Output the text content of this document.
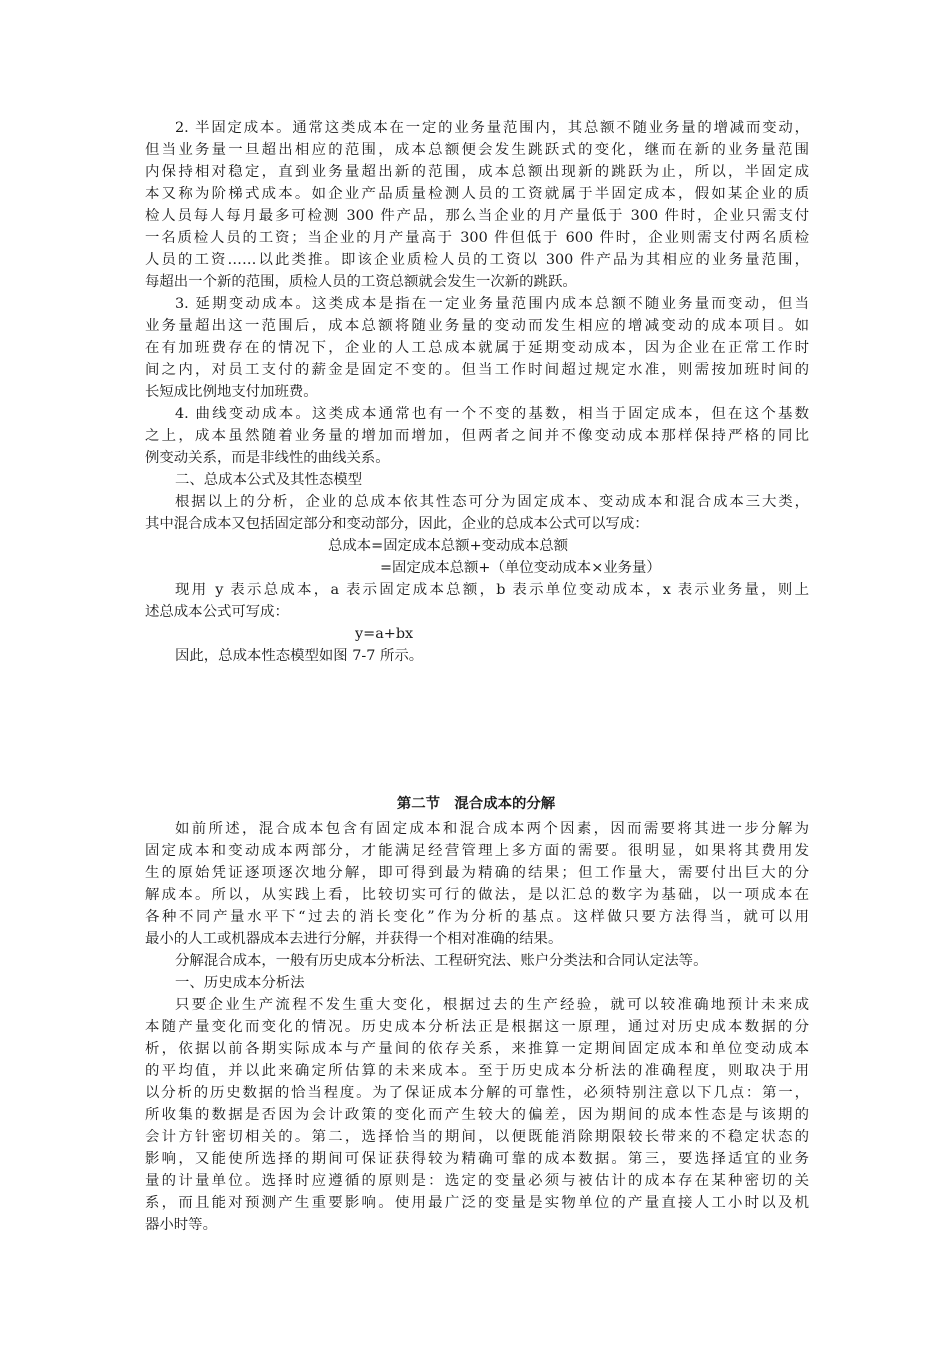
第二节　混合成本的分解
2. 半固定成本。通常这类成本在一定的业务量范围内，其总额不随业务量的增减而变动，
但当业务量一旦超出相应的范围，成本总额便会发生跳跃式的变化，继而在新的业务量范围
内保持相对稳定，直到业务量超出新的范围，成本总额出现新的跳跃为止，所以，半固定成
本又称为阶梯式成本。如企业产品质量检测人员的工资就属于半固定成本，假如某企业的质
检人员每人每月最多可检测 300 件产品，那么当企业的月产量低于 300 件时，企业只需支付
一名质检人员的工资；当企业的月产量高于 300 件但低于 600 件时，企业则需支付两名质检
人员的工资……以此类推。即该企业质检人员的工资以 300 件产品为其相应的业务量范围，
每超出一个新的范围，质检人员的工资总额就会发生一次新的跳跃。
3. 延期变动成本。这类成本是指在一定业务量范围内成本总额不随业务量而变动，但当
业务量超出这一范围后，成本总额将随业务量的变动而发生相应的增减变动的成本项目。如
在有加班费存在的情况下，企业的人工总成本就属于延期变动成本，因为企业在正常工作时
间之内，对员工支付的薪金是固定不变的。但当工作时间超过规定水准，则需按加班时间的
长短成比例地支付加班费。
4. 曲线变动成本。这类成本通常也有一个不变的基数，相当于固定成本，但在这个基数
之上，成本虽然随着业务量的增加而增加，但两者之间并不像变动成本那样保持严格的同比
例变动关系，而是非线性的曲线关系。
二、总成本公式及其性态模型
根据以上的分析，企业的总成本依其性态可分为固定成本、变动成本和混合成本三大类，
其中混合成本又包括固定部分和变动部分，因此，企业的总成本公式可以写成：
总成本=固定成本总额+变动成本总额
=固定成本总额+（单位变动成本×业务量）
现用 y 表示总成本，a 表示固定成本总额，b 表示单位变动成本，x 表示业务量，则上
述总成本公式可写成：
y=a+bx
因此，总成本性态模型如图 7-7 所示。
如前所述，混合成本包含有固定成本和混合成本两个因素，因而需要将其进一步分解为
固定成本和变动成本两部分，才能满足经营管理上多方面的需要。很明显，如果将其费用发
生的原始凭证逐项逐次地分解，即可得到最为精确的结果；但工作量大，需要付出巨大的分
解成本。所以，从实践上看，比较切实可行的做法，是以汇总的数字为基础，以一项成本在
各种不同产量水平下“过去的消长变化”作为分析的基点。这样做只要方法得当，就可以用
最小的人工或机器成本去进行分解，并获得一个相对准确的结果。
分解混合成本，一般有历史成本分析法、工程研究法、账户分类法和合同认定法等。
一、历史成本分析法
只要企业生产流程不发生重大变化，根据过去的生产经验，就可以较准确地预计未来成
本随产量变化而变化的情况。历史成本分析法正是根据这一原理，通过对历史成本数据的分
析，依据以前各期实际成本与产量间的依存关系，来推算一定期间固定成本和单位变动成本
的平均值，并以此来确定所估算的未来成本。至于历史成本分析法的准确程度，则取决于用
以分析的历史数据的恰当程度。为了保证成本分解的可靠性，必须特别注意以下几点：第一，
所收集的数据是否因为会计政策的变化而产生较大的偏差，因为期间的成本性态是与该期的
会计方针密切相关的。第二，选择恰当的期间，以便既能消除期限较长带来的不稳定状态的
影响，又能使所选择的期间可保证获得较为精确可靠的成本数据。第三，要选择适宜的业务
量的计量单位。选择时应遵循的原则是：选定的变量必须与被估计的成本存在某种密切的关
系，而且能对预测产生重要影响。使用最广泛的变量是实物单位的产量直接人工小时以及机
器小时等。
